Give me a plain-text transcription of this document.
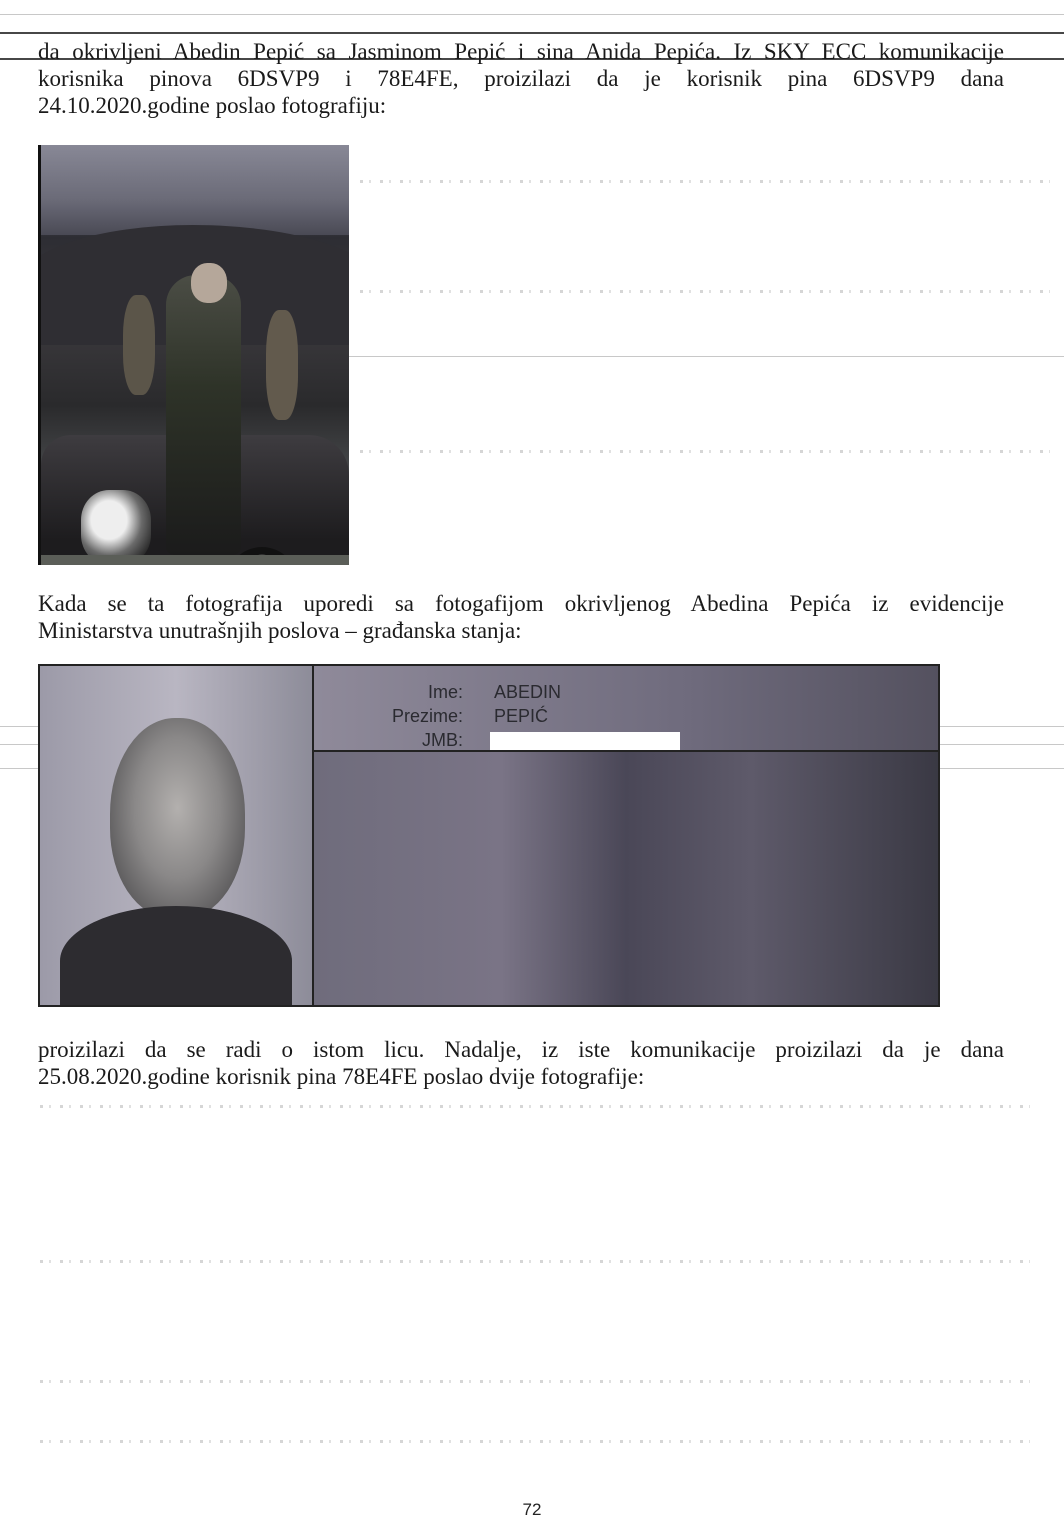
da okrivljeni Abedin Pepić sa Jasminom Pepić i sina Anida Pepića. Iz SKY ECC komunikacije
korisnika pinova 6DSVP9 i 78E4FE, proizilazi da je korisnik pina 6DSVP9 dana
24.10.2020.godine poslao fotografiju:
Kada se ta fotografija uporedi sa fotogafijom okrivljenog Abedina Pepića iz evidencije
Ministarstva unutrašnjih poslova – građanska stanja:
Ime: ABEDIN
Prezime: PEPIĆ
JMB:
proizilazi da se radi o istom licu. Nadalje, iz iste komunikacije proizilazi da je dana
25.08.2020.godine korisnik pina 78E4FE poslao dvije fotografije:
72
